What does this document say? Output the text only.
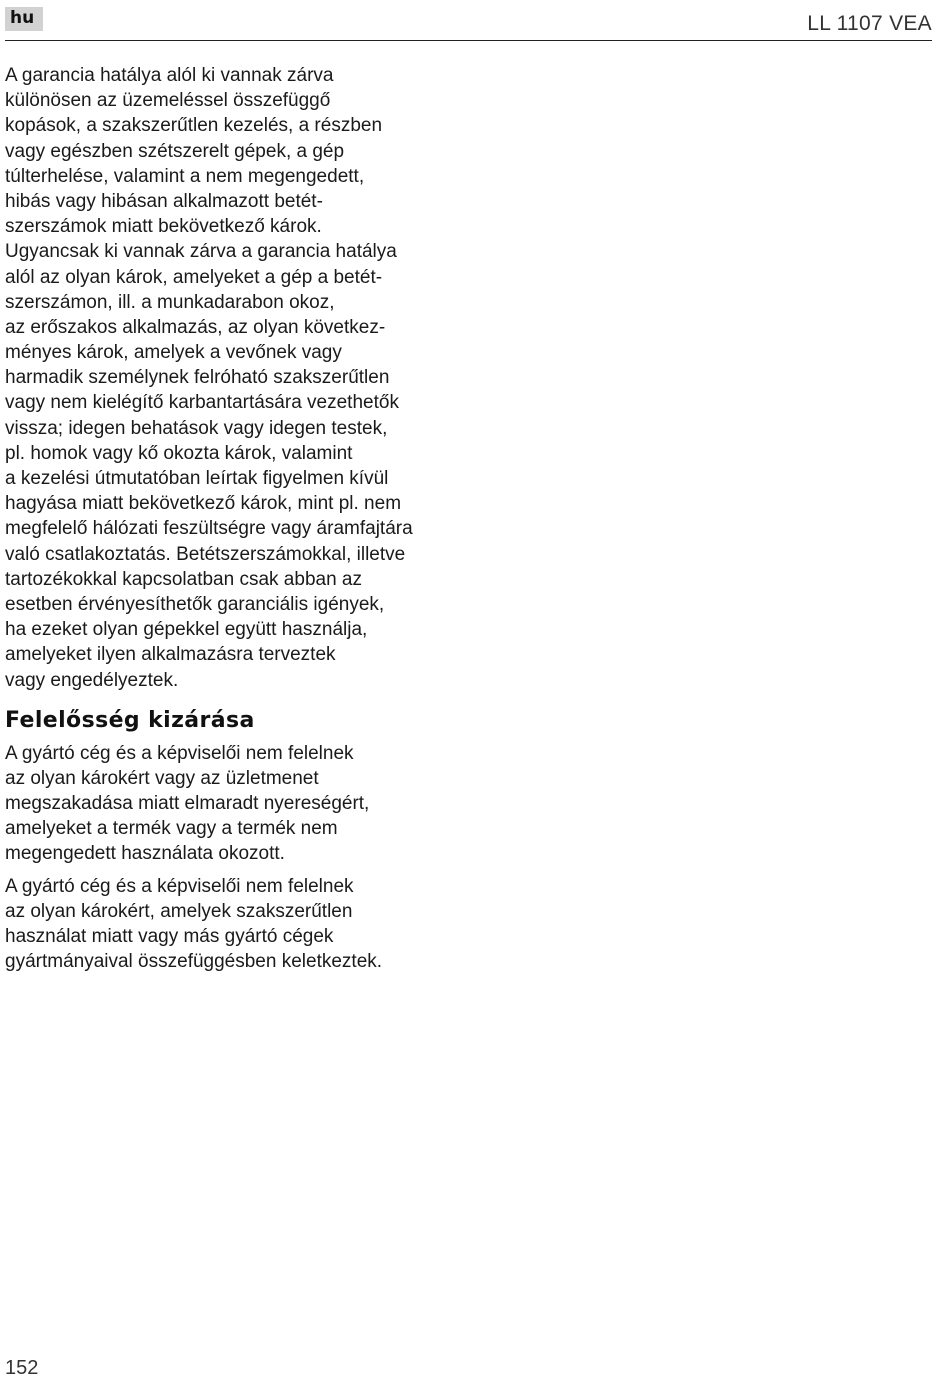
hu	LL 1107 VEA
A garancia hatálya alól ki vannak zárva
különösen az üzemeléssel összefüggő
kopások, a szakszerűtlen kezelés, a részben
vagy egészben szétszerelt gépek, a gép
túlterhelése, valamint a nem megengedett,
hibás vagy hibásan alkalmazott betét-
szerszámok miatt bekövetkező károk.
Ugyancsak ki vannak zárva a garancia hatálya
alól az olyan károk, amelyeket a gép a betét-
szerszámon, ill. a munkadarabon okoz,
az erőszakos alkalmazás, az olyan következ-
ményes károk, amelyek a vevőnek vagy
harmadik személynek felróható szakszerűtlen
vagy nem kielégítő karbantartására vezethetők
vissza; idegen behatások vagy idegen testek,
pl. homok vagy kő okozta károk, valamint
a kezelési útmutatóban leírtak figyelmen kívül
hagyása miatt bekövetkező károk, mint pl. nem
megfelelő hálózati feszültségre vagy áramfajtára
való csatlakoztatás. Betétszerszámokkal, illetve
tartozékokkal kapcsolatban csak abban az
esetben érvényesíthetők garanciális igények,
ha ezeket olyan gépekkel együtt használja,
amelyeket ilyen alkalmazásra terveztek
vagy engedélyeztek.
Felelősség kizárása
A gyártó cég és a képviselői nem felelnek
az olyan károkért vagy az üzletmenet
megszakadása miatt elmaradt nyereségért,
amelyeket a termék vagy a termék nem
megengedett használata okozott.
A gyártó cég és a képviselői nem felelnek
az olyan károkért, amelyek szakszerűtlen
használat miatt vagy más gyártó cégek
gyártmányaival összefüggésben keletkeztek.
152
